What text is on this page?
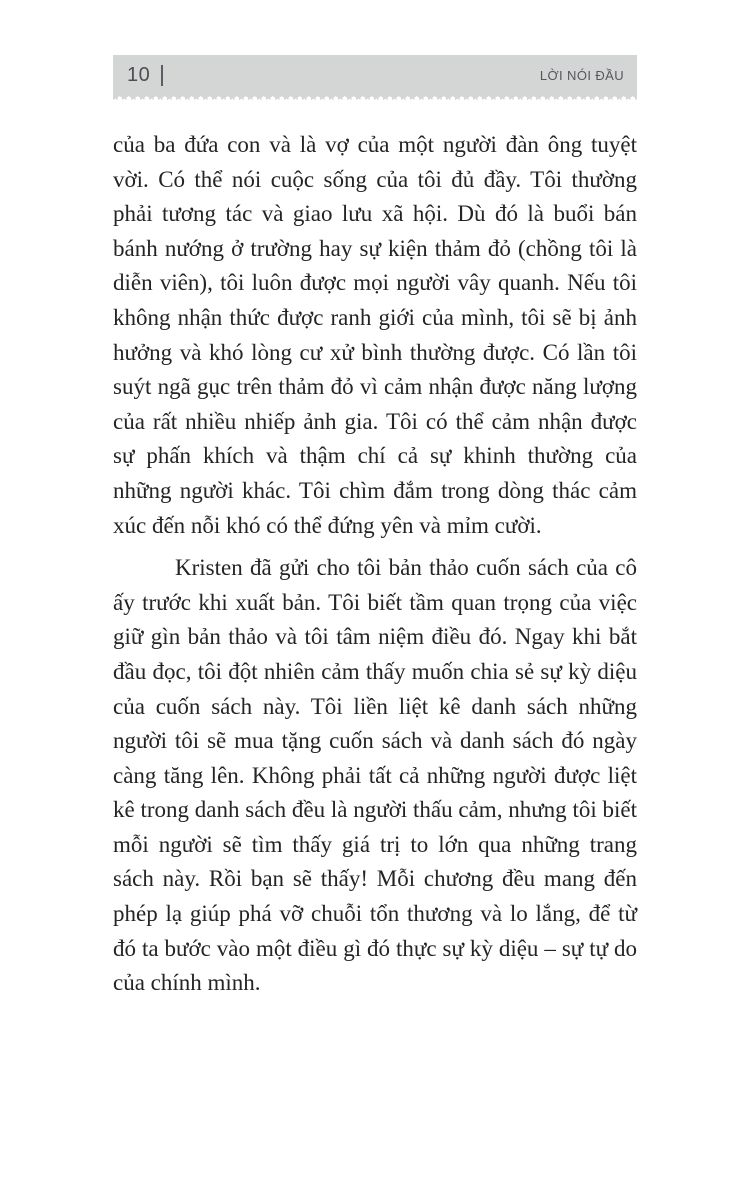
10	LỜI NÓI ĐẦU

của ba đứa con và là vợ của một người đàn ông tuyệt vời. Có thể nói cuộc sống của tôi đủ đầy. Tôi thường phải tương tác và giao lưu xã hội. Dù đó là buổi bán bánh nướng ở trường hay sự kiện thảm đỏ (chồng tôi là diễn viên), tôi luôn được mọi người vây quanh. Nếu tôi không nhận thức được ranh giới của mình, tôi sẽ bị ảnh hưởng và khó lòng cư xử bình thường được. Có lần tôi suýt ngã gục trên thảm đỏ vì cảm nhận được năng lượng của rất nhiều nhiếp ảnh gia. Tôi có thể cảm nhận được sự phấn khích và thậm chí cả sự khinh thường của những người khác. Tôi chìm đắm trong dòng thác cảm xúc đến nỗi khó có thể đứng yên và mỉm cười.

Kristen đã gửi cho tôi bản thảo cuốn sách của cô ấy trước khi xuất bản. Tôi biết tầm quan trọng của việc giữ gìn bản thảo và tôi tâm niệm điều đó. Ngay khi bắt đầu đọc, tôi đột nhiên cảm thấy muốn chia sẻ sự kỳ diệu của cuốn sách này. Tôi liền liệt kê danh sách những người tôi sẽ mua tặng cuốn sách và danh sách đó ngày càng tăng lên. Không phải tất cả những người được liệt kê trong danh sách đều là người thấu cảm, nhưng tôi biết mỗi người sẽ tìm thấy giá trị to lớn qua những trang sách này. Rồi bạn sẽ thấy! Mỗi chương đều mang đến phép lạ giúp phá vỡ chuỗi tổn thương và lo lắng, để từ đó ta bước vào một điều gì đó thực sự kỳ diệu – sự tự do của chính mình.
